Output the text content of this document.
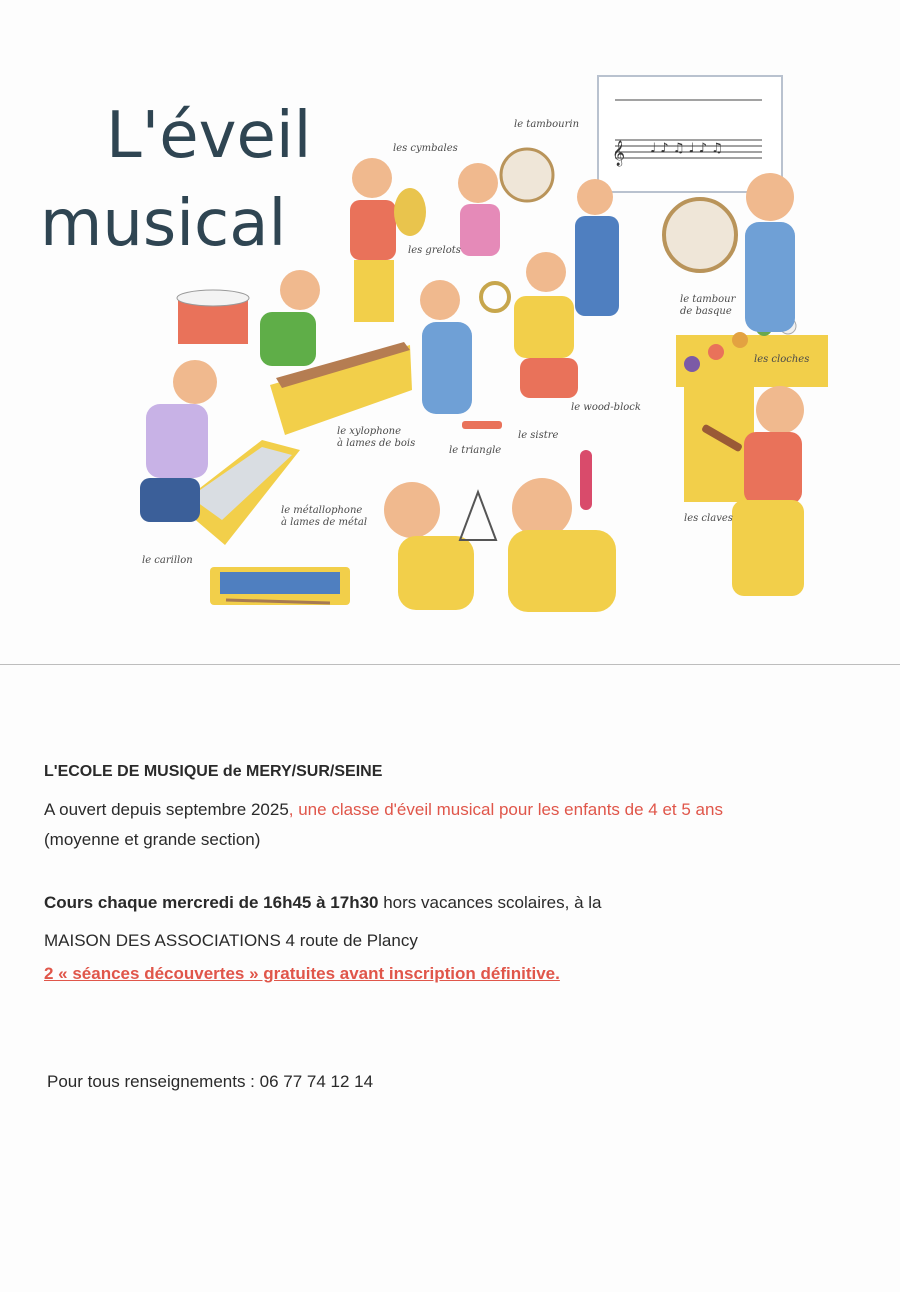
L'éveil
musical
𝄞 ♩ ♪ ♫ ♩ ♪ ♫
les cymbales
le tambourin
les grelots
le tambour
de basque
les cloches
le wood-block
le sistre
le xylophone
à lames de bois
le triangle
le métallophone
à lames de métal
le carillon
les claves
L'ECOLE DE MUSIQUE de MERY/SUR/SEINE
A ouvert depuis septembre 2025, une classe d'éveil musical pour les enfants de 4 et 5 ans
(moyenne et grande section)
Cours chaque mercredi de 16h45 à 17h30 hors vacances scolaires, à la
MAISON DES ASSOCIATIONS 4 route de Plancy
2 « séances découvertes » gratuites avant inscription définitive.
Pour tous renseignements : 06 77 74 12 14
